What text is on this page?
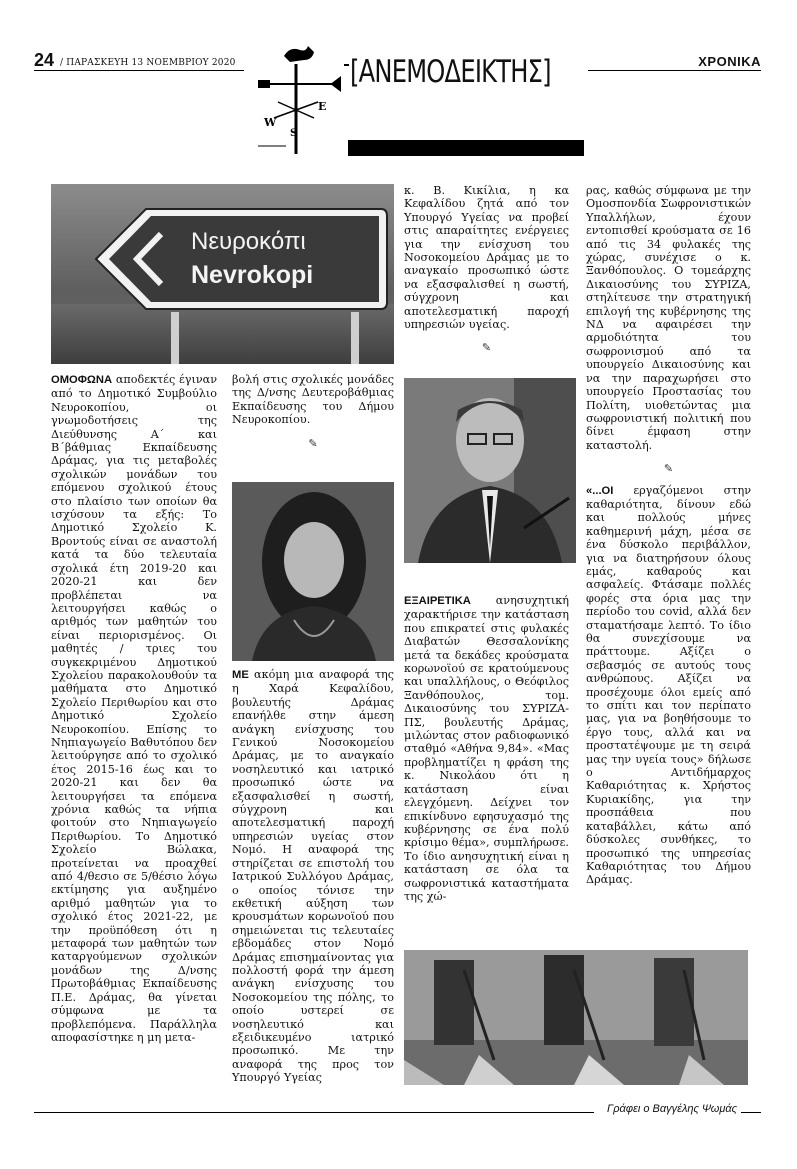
24 / ΠΑΡΑΣΚΕΥΗ 13 ΝΟΕΜΒΡΙΟΥ 2020	ΧΡΟΝΙΚΑ
W
E
S
[ΑΝΕΜΟΔΕΙΚΤΗΣ]
Νευροκόπι
Nevrokopi

ΟΜΟΦΩΝΑ αποδεκτές έγιναν από το Δημοτικό Συμβούλιο Νευροκοπίου, οι γνωμοδοτήσεις της Διεύθυνσης Α΄ και Β΄βάθμιας Εκπαίδευσης Δράμας, για τις μεταβολές σχολικών μονάδων του επόμενου σχολικού έτους στο πλαίσιο των οποίων θα ισχύσουν τα εξής: Το Δημοτικό Σχολείο Κ. Βροντούς είναι σε αναστολή κατά τα δύο τελευταία σχολικά έτη 2019-20 και 2020-21 και δεν προβλέπεται να λειτουργήσει καθώς ο αριθμός των μαθητών του είναι περιορισμένος. Οι μαθητές / τριες του συγκεκριμένου Δημοτικού Σχολείου παρακολουθούν τα μαθήματα στο Δημοτικό Σχολείο Περιθωρίου και στο Δημοτικό Σχολείο Νευροκοπίου. Επίσης το Νηπιαγωγείο Βαθυτόπου δεν λειτούργησε από το σχολικό έτος 2015-16 έως και το 2020-21 και δεν θα λειτουργήσει τα επόμενα χρόνια καθώς τα νήπια φοιτούν στο Νηπιαγωγείο Περιθωρίου. Το Δημοτικό Σχολείο Βώλακα, προτείνεται να προαχθεί από 4/θεσιο σε 5/θέσιο λόγω εκτίμησης για αυξημένο αριθμό μαθητών για το σχολικό έτος 2021-22, με την προϋπόθεση ότι η μεταφορά των μαθητών των καταργούμενων σχολικών μονάδων της Δ/νσης Πρωτοβάθμιας Εκπαίδευσης Π.Ε. Δράμας, θα γίνεται σύμφωνα με τα προβλεπόμενα. Παράλληλα αποφασίστηκε η μη μετα-

βολή στις σχολικές μονάδες της Δ/νσης Δευτεροβάθμιας Εκπαίδευσης του Δήμου Νευροκοπίου.

✎

ΜΕ ακόμη μια αναφορά της η Χαρά Κεφαλίδου, βουλευτής Δράμας επανήλθε στην άμεση ανάγκη ενίσχυσης του Γενικού Νοσοκομείου Δράμας, με το αναγκαίο νοσηλευτικό και ιατρικό προσωπικό ώστε να εξασφαλισθεί η σωστή, σύγχρονη και αποτελεσματική παροχή υπηρεσιών υγείας στον Νομό. Η αναφορά της στηρίζεται σε επιστολή του Ιατρικού Συλλόγου Δράμας, ο οποίος τόνισε την εκθετική αύξηση των κρουσμάτων κορωνοϊού που σημειώνεται τις τελευταίες εβδομάδες στον Νομό Δράμας επισημαίνοντας για πολλοστή φορά την άμεση ανάγκη ενίσχυσης του Νοσοκομείου της πόλης, το οποίο υστερεί σε νοσηλευτικό και εξειδικευμένο ιατρικό προσωπικό. Με την αναφορά της προς τον Υπουργό Υγείας

κ. Β. Κικίλια, η κα Κεφαλίδου ζητά από τον Υπουργό Υγείας να προβεί στις απαραίτητες ενέργειες για την ενίσχυση του Νοσοκομείου Δράμας με το αναγκαίο προσωπικό ώστε να εξασφαλισθεί η σωστή, σύγχρονη και αποτελεσματική παροχή υπηρεσιών υγείας.

✎

ΕΞΑΙΡΕΤΙΚΑ ανησυχητική χαρακτήρισε την κατάσταση που επικρατεί στις φυλακές Διαβατών Θεσσαλονίκης μετά τα δεκάδες κρούσματα κορωνοϊού σε κρατούμενους και υπαλλήλους, ο Θεόφιλος Ξανθόπουλος, τομ. Δικαιοσύνης του ΣΥΡΙΖΑ-ΠΣ, βουλευτής Δράμας, μιλώντας στον ραδιοφωνικό σταθμό «Αθήνα 9,84». «Μας προβληματίζει η φράση της κ. Νικολάου ότι η κατάσταση είναι ελεγχόμενη. Δείχνει τον επικίνδυνο εφησυχασμό της κυβέρνησης σε ένα πολύ κρίσιμο θέμα», συμπλήρωσε. Το ίδιο ανησυχητική είναι η κατάσταση σε όλα τα σωφρονιστικά καταστήματα της χώ-

ρας, καθώς σύμφωνα με την Ομοσπονδία Σωφρονιστικών Υπαλλήλων, έχουν εντοπισθεί κρούσματα σε 16 από τις 34 φυλακές της χώρας, συνέχισε ο κ. Ξανθόπουλος. Ο τομεάρχης Δικαιοσύνης του ΣΥΡΙΖΑ, στηλίτευσε την στρατηγική επιλογή της κυβέρνησης της ΝΔ να αφαιρέσει την αρμοδιότητα του σωφρονισμού από τα υπουργείο Δικαιοσύνης και να την παραχωρήσει στο υπουργείο Προστασίας του Πολίτη, υιοθετώντας μια σωφρονιστική πολιτική που δίνει έμφαση στην καταστολή.

✎

«...ΟΙ εργαζόμενοι στην καθαριότητα, δίνουν εδώ και πολλούς μήνες καθημερινή μάχη, μέσα σε ένα δύσκολο περιβάλλον, για να διατηρήσουν όλους εμάς, καθαρούς και ασφαλείς. Φτάσαμε πολλές φορές στα όρια μας την περίοδο του covid, αλλά δεν σταματήσαμε λεπτό. Το ίδιο θα συνεχίσουμε να πράττουμε. Αξίζει ο σεβασμός σε αυτούς τους ανθρώπους. Αξίζει να προσέχουμε όλοι εμείς από το σπίτι και τον περίπατο μας, για να βοηθήσουμε το έργο τους, αλλά και να προστατέψουμε με τη σειρά μας την υγεία τους» δήλωσε ο Αντιδήμαρχος Καθαριότητας κ. Χρήστος Κυριακίδης, για την προσπάθεια που καταβάλλει, κάτω από δύσκολες συνθήκες, το προσωπικό της υπηρεσίας Καθαριότητας του Δήμου Δράμας.

Γράφει ο Βαγγέλης Ψωμάς
